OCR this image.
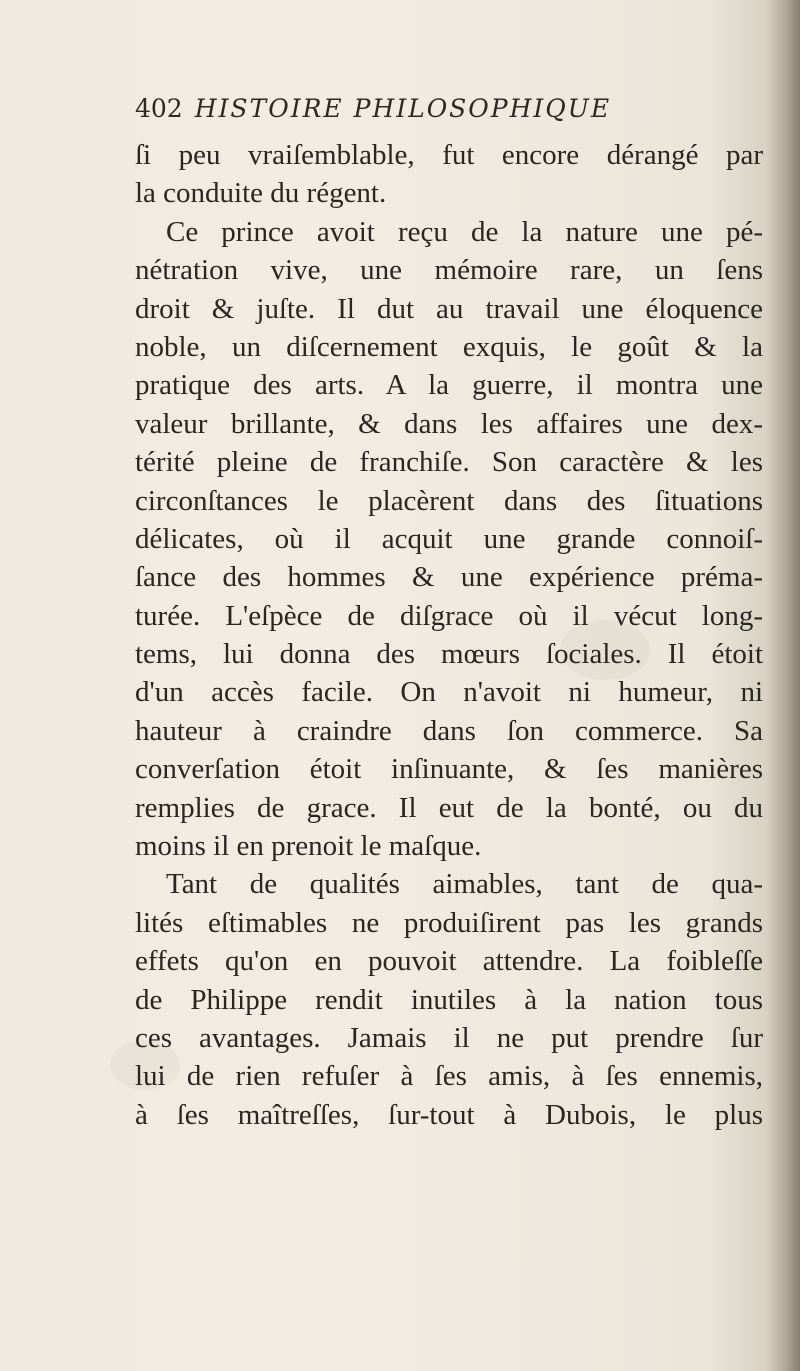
402 HISTOIRE PHILOSOPHIQUE
ſi peu vraiſemblable, fut encore dérangé par
la conduite du régent.
Ce prince avoit reçu de la nature une pé-
nétration vive, une mémoire rare, un ſens
droit & juſte. Il dut au travail une éloquence
noble, un diſcernement exquis, le goût & la
pratique des arts. A la guerre, il montra une
valeur brillante, & dans les affaires une dex-
térité pleine de franchiſe. Son caractère & les
circonſtances le placèrent dans des ſituations
délicates, où il acquit une grande connoiſ-
ſance des hommes & une expérience préma-
turée. L'eſpèce de diſgrace où il vécut long-
tems, lui donna des mœurs ſociales. Il étoit
d'un accès facile. On n'avoit ni humeur, ni
hauteur à craindre dans ſon commerce. Sa
converſation étoit inſinuante, & ſes manières
remplies de grace. Il eut de la bonté, ou du
moins il en prenoit le maſque.
Tant de qualités aimables, tant de qua-
lités eſtimables ne produiſirent pas les grands
effets qu'on en pouvoit attendre. La foibleſſe
de Philippe rendit inutiles à la nation tous
ces avantages. Jamais il ne put prendre ſur
lui de rien refuſer à ſes amis, à ſes ennemis,
à ſes maîtreſſes, ſur-tout à Dubois, le plus
